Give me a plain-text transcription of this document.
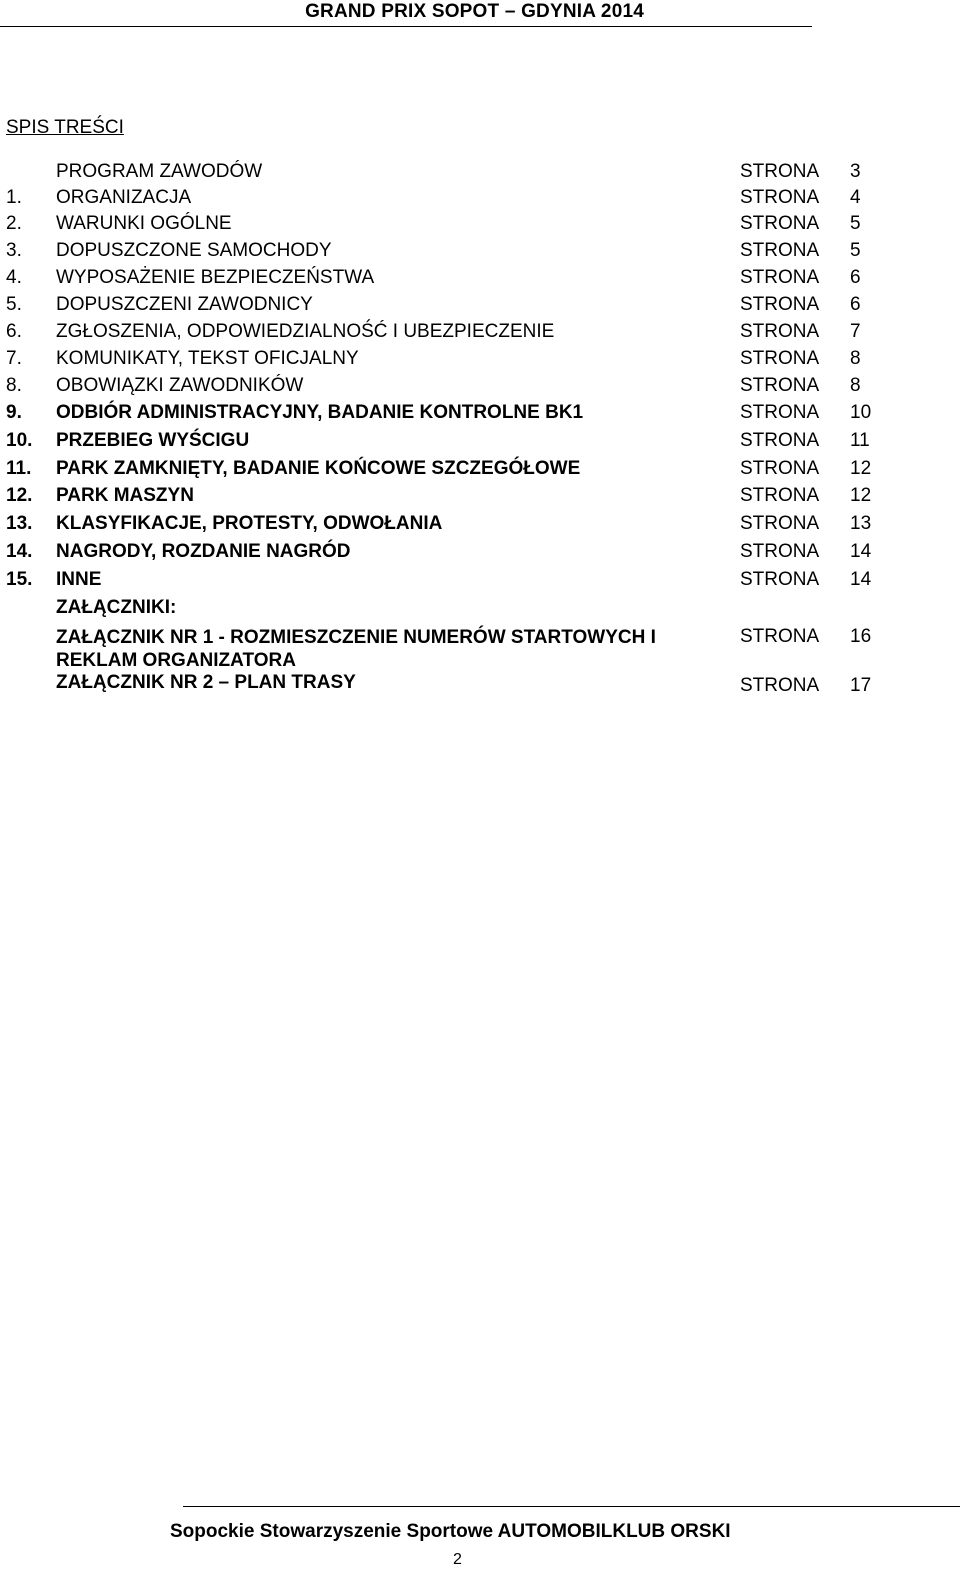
GRAND PRIX SOPOT – GDYNIA 2014
SPIS TREŚCI
PROGRAM ZAWODÓW	STRONA 3
1. ORGANIZACJA	STRONA 4
2. WARUNKI OGÓLNE	STRONA 5
3. DOPUSZCZONE SAMOCHODY	STRONA 5
4. WYPOSAŻENIE BEZPIECZEŃSTWA	STRONA 6
5. DOPUSZCZENI ZAWODNICY	STRONA 6
6. ZGŁOSZENIA, ODPOWIEDZIALNOŚĆ I UBEZPIECZENIE	STRONA 7
7. KOMUNIKATY, TEKST OFICJALNY	STRONA 8
8. OBOWIĄZKI ZAWODNIKÓW	STRONA 8
9. ODBIÓR ADMINISTRACYJNY, BADANIE KONTROLNE BK1	STRONA 10
10. PRZEBIEG WYŚCIGU	STRONA 11
11. PARK ZAMKNIĘTY, BADANIE KOŃCOWE SZCZEGÓŁOWE	STRONA 12
12. PARK MASZYN	STRONA 12
13. KLASYFIKACJE, PROTESTY, ODWOŁANIA	STRONA 13
14. NAGRODY, ROZDANIE NAGRÓD	STRONA 14
15. INNE	STRONA 14
ZAŁĄCZNIKI:
ZAŁĄCZNIK NR 1 - ROZMIESZCZENIE NUMERÓW STARTOWYCH I REKLAM ORGANIZATORA
STRONA 16
ZAŁĄCZNIK NR 2 – PLAN TRASY	STRONA 17
Sopockie Stowarzyszenie Sportowe AUTOMOBILKLUB ORSKI
2
